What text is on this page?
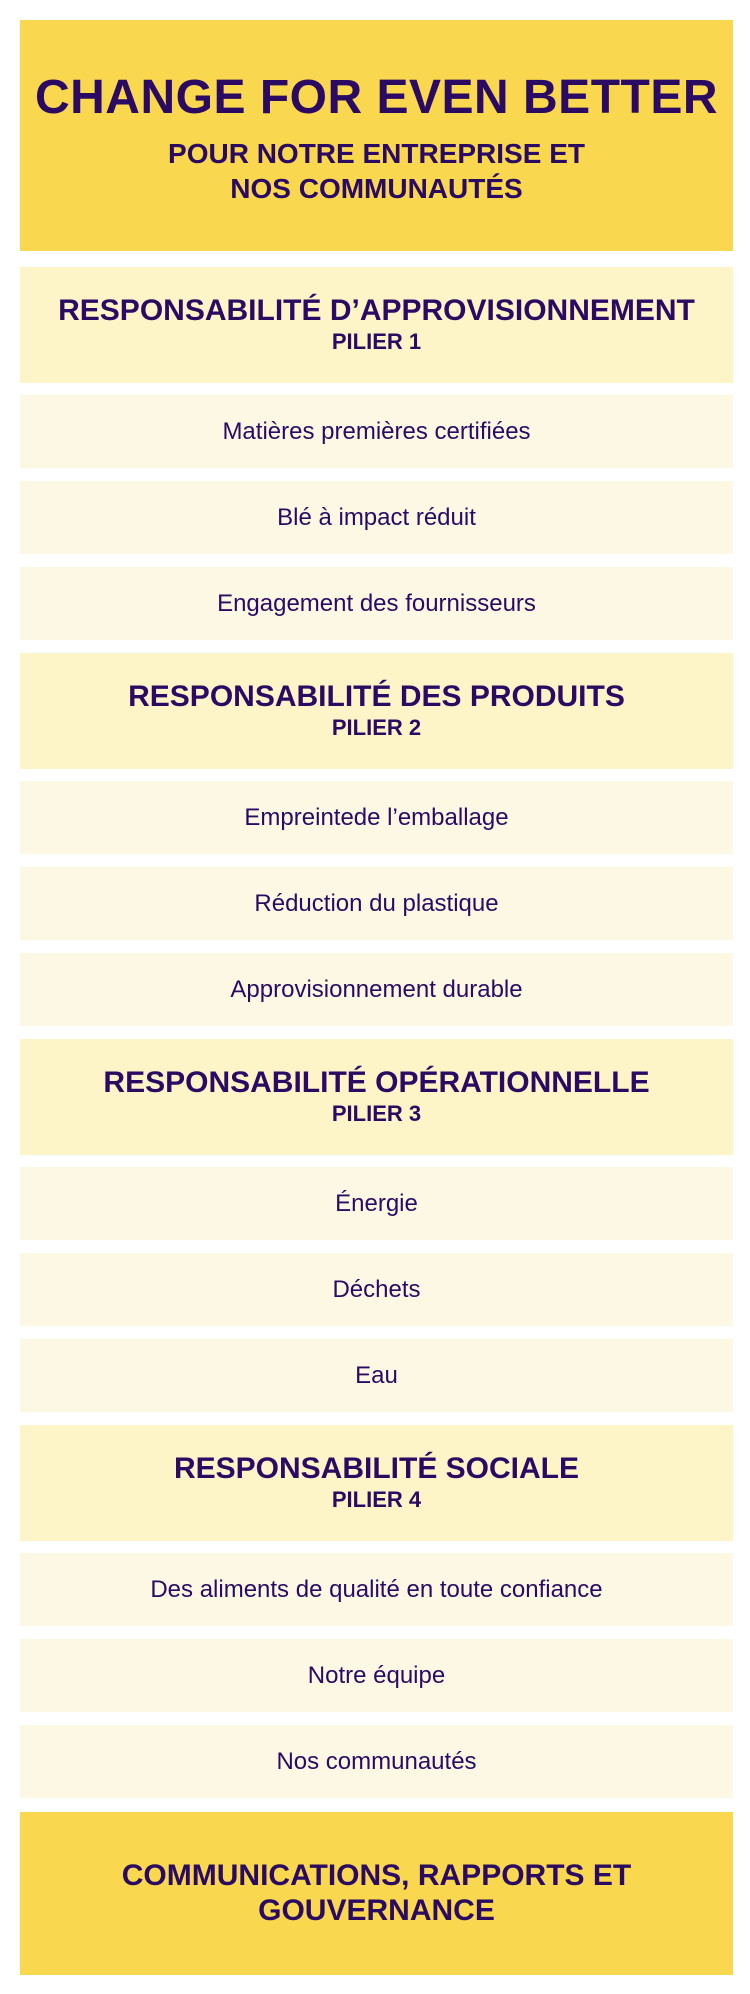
CHANGE FOR EVEN BETTER
POUR NOTRE ENTREPRISE ET NOS COMMUNAUTÉS
RESPONSABILITÉ D’APPROVISIONNEMENT
PILIER 1
Matières premières certifiées
Blé à impact réduit
Engagement des fournisseurs
RESPONSABILITÉ DES PRODUITS
PILIER 2
Empreintede l’emballage
Réduction du plastique
Approvisionnement durable
RESPONSABILITÉ OPÉRATIONNELLE
PILIER 3
Énergie
Déchets
Eau
RESPONSABILITÉ SOCIALE
PILIER 4
Des aliments de qualité en toute confiance
Notre équipe
Nos communautés
COMMUNICATIONS, RAPPORTS ET GOUVERNANCE
